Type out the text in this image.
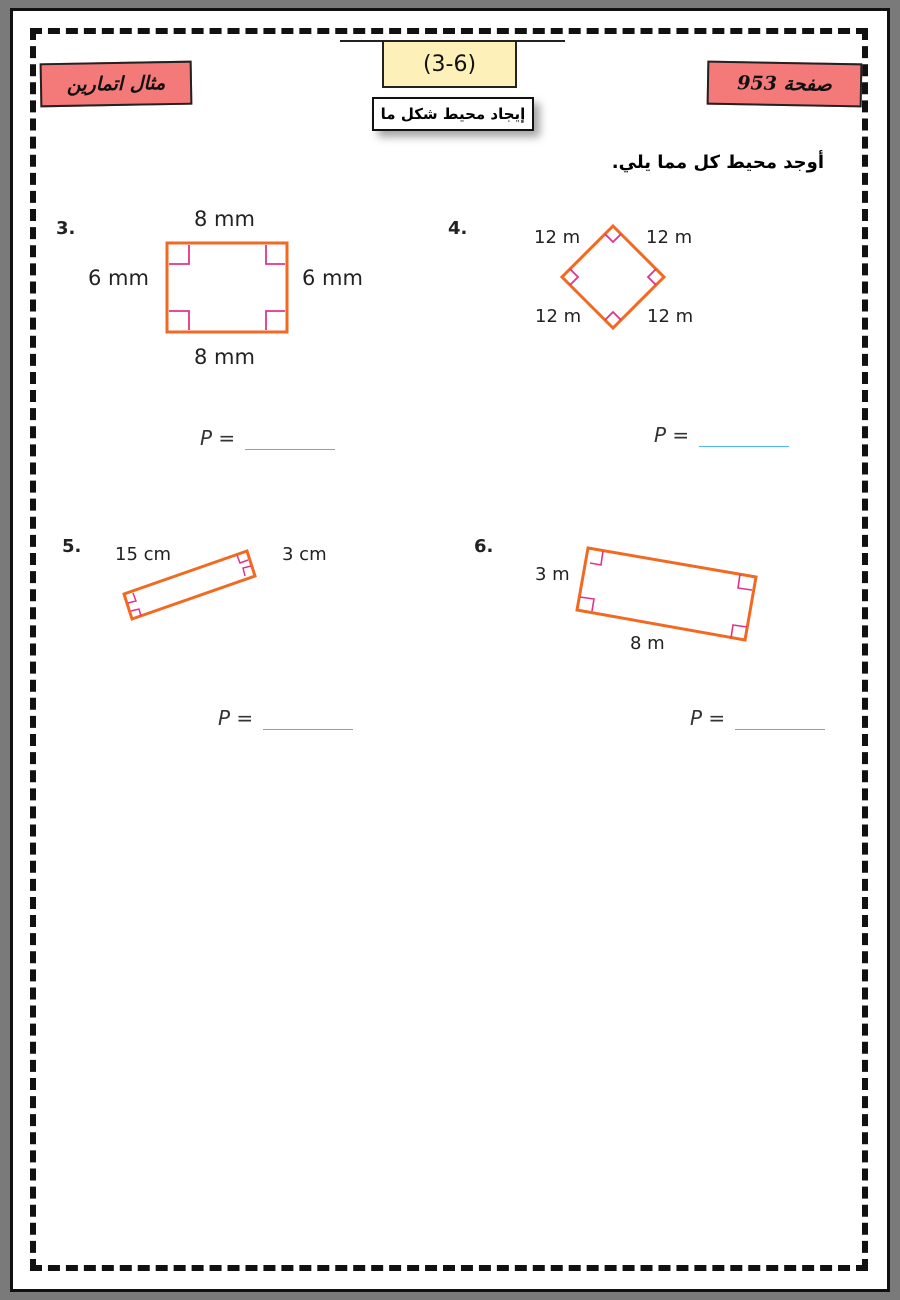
مثال اتمارين	صفحة 953
(3-6)
إيجاد محيط شكل ما
أوجد محيط كل مما يلي.
3.	8 mm
6 mm	6 mm
8 mm
P =
4.	12 m	12 m
12 m	12 m
P =
5. 15 cm	3 cm
P =
6.
3 m
8 m
P =
